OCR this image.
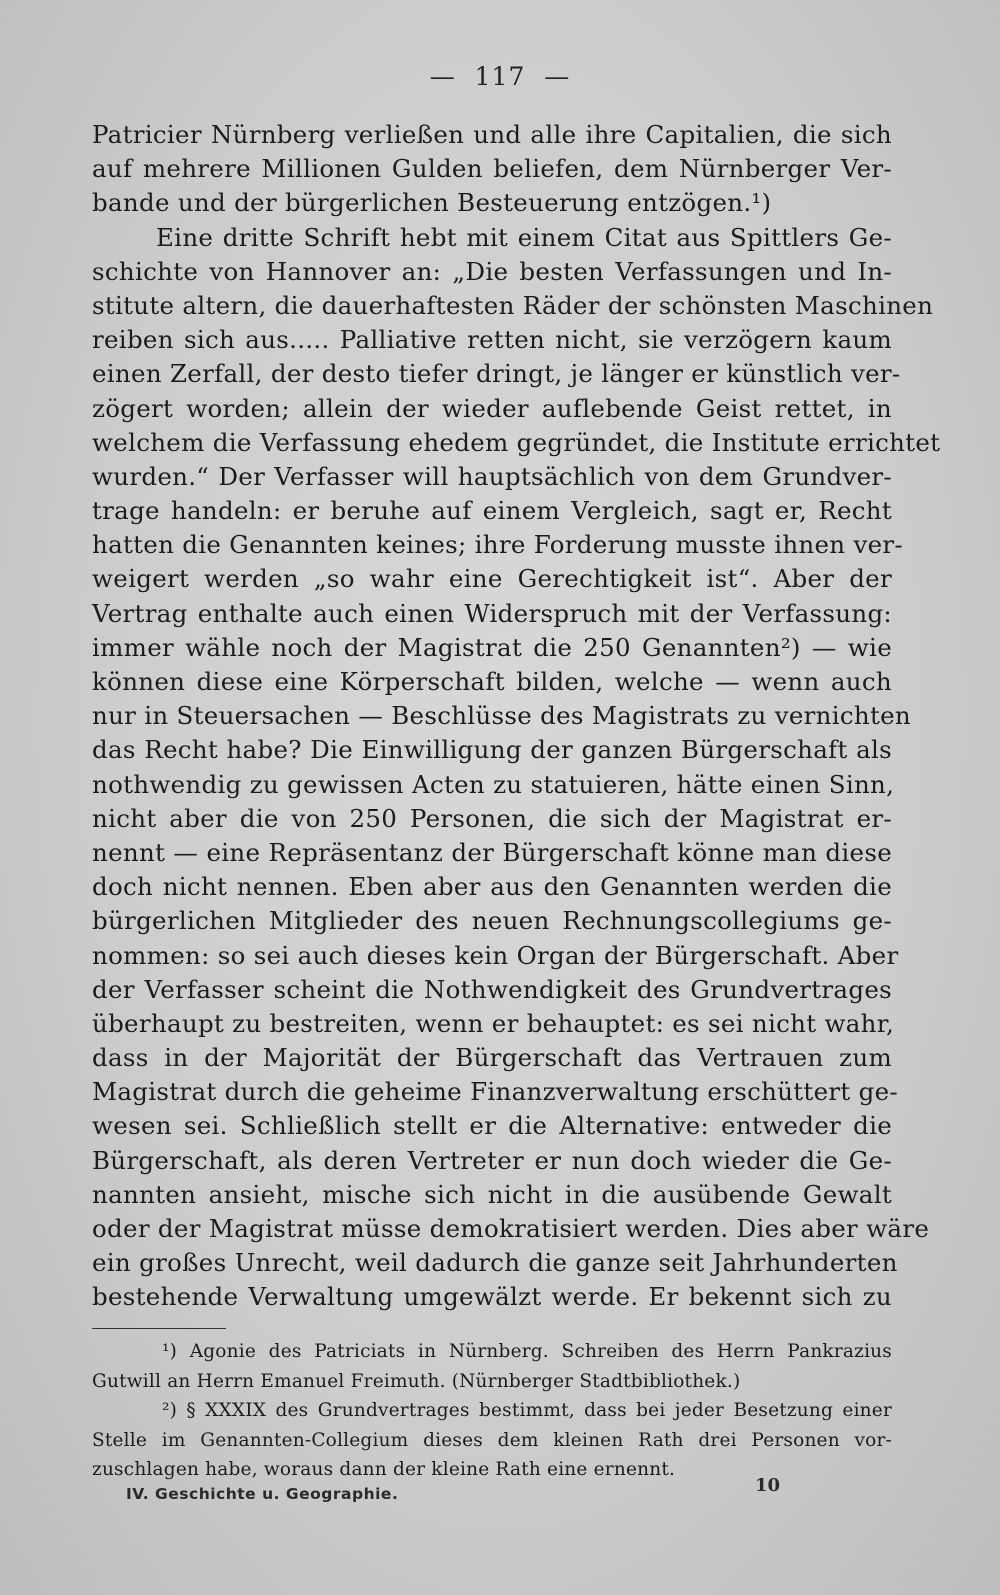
— 117 —
Patricier Nürnberg verließen und alle ihre Capitalien, die sich
auf mehrere Millionen Gulden beliefen, dem Nürnberger Ver-
bande und der bürgerlichen Besteuerung entzögen.¹)
Eine dritte Schrift hebt mit einem Citat aus Spittlers Ge-
schichte von Hannover an: „Die besten Verfassungen und In-
stitute altern, die dauerhaftesten Räder der schönsten Maschinen
reiben sich aus..... Palliative retten nicht, sie verzögern kaum
einen Zerfall, der desto tiefer dringt, je länger er künstlich ver-
zögert worden; allein der wieder auflebende Geist rettet, in
welchem die Verfassung ehedem gegründet, die Institute errichtet
wurden.“ Der Verfasser will hauptsächlich von dem Grundver-
trage handeln: er beruhe auf einem Vergleich, sagt er, Recht
hatten die Genannten keines; ihre Forderung musste ihnen ver-
weigert werden „so wahr eine Gerechtigkeit ist“. Aber der
Vertrag enthalte auch einen Widerspruch mit der Verfassung:
immer wähle noch der Magistrat die 250 Genannten²) — wie
können diese eine Körperschaft bilden, welche — wenn auch
nur in Steuersachen — Beschlüsse des Magistrats zu vernichten
das Recht habe? Die Einwilligung der ganzen Bürgerschaft als
nothwendig zu gewissen Acten zu statuieren, hätte einen Sinn,
nicht aber die von 250 Personen, die sich der Magistrat er-
nennt — eine Repräsentanz der Bürgerschaft könne man diese
doch nicht nennen. Eben aber aus den Genannten werden die
bürgerlichen Mitglieder des neuen Rechnungscollegiums ge-
nommen: so sei auch dieses kein Organ der Bürgerschaft. Aber
der Verfasser scheint die Nothwendigkeit des Grundvertrages
überhaupt zu bestreiten, wenn er behauptet: es sei nicht wahr,
dass in der Majorität der Bürgerschaft das Vertrauen zum
Magistrat durch die geheime Finanzverwaltung erschüttert ge-
wesen sei. Schließlich stellt er die Alternative: entweder die
Bürgerschaft, als deren Vertreter er nun doch wieder die Ge-
nannten ansieht, mische sich nicht in die ausübende Gewalt
oder der Magistrat müsse demokratisiert werden. Dies aber wäre
ein großes Unrecht, weil dadurch die ganze seit Jahrhunderten
bestehende Verwaltung umgewälzt werde. Er bekennt sich zu
¹) Agonie des Patriciats in Nürnberg. Schreiben des Herrn Pankrazius
Gutwill an Herrn Emanuel Freimuth. (Nürnberger Stadtbibliothek.)
²) § XXXIX des Grundvertrages bestimmt, dass bei jeder Besetzung einer
Stelle im Genannten-Collegium dieses dem kleinen Rath drei Personen vor-
zuschlagen habe, woraus dann der kleine Rath eine ernennt.
IV. Geschichte u. Geographie.	10
